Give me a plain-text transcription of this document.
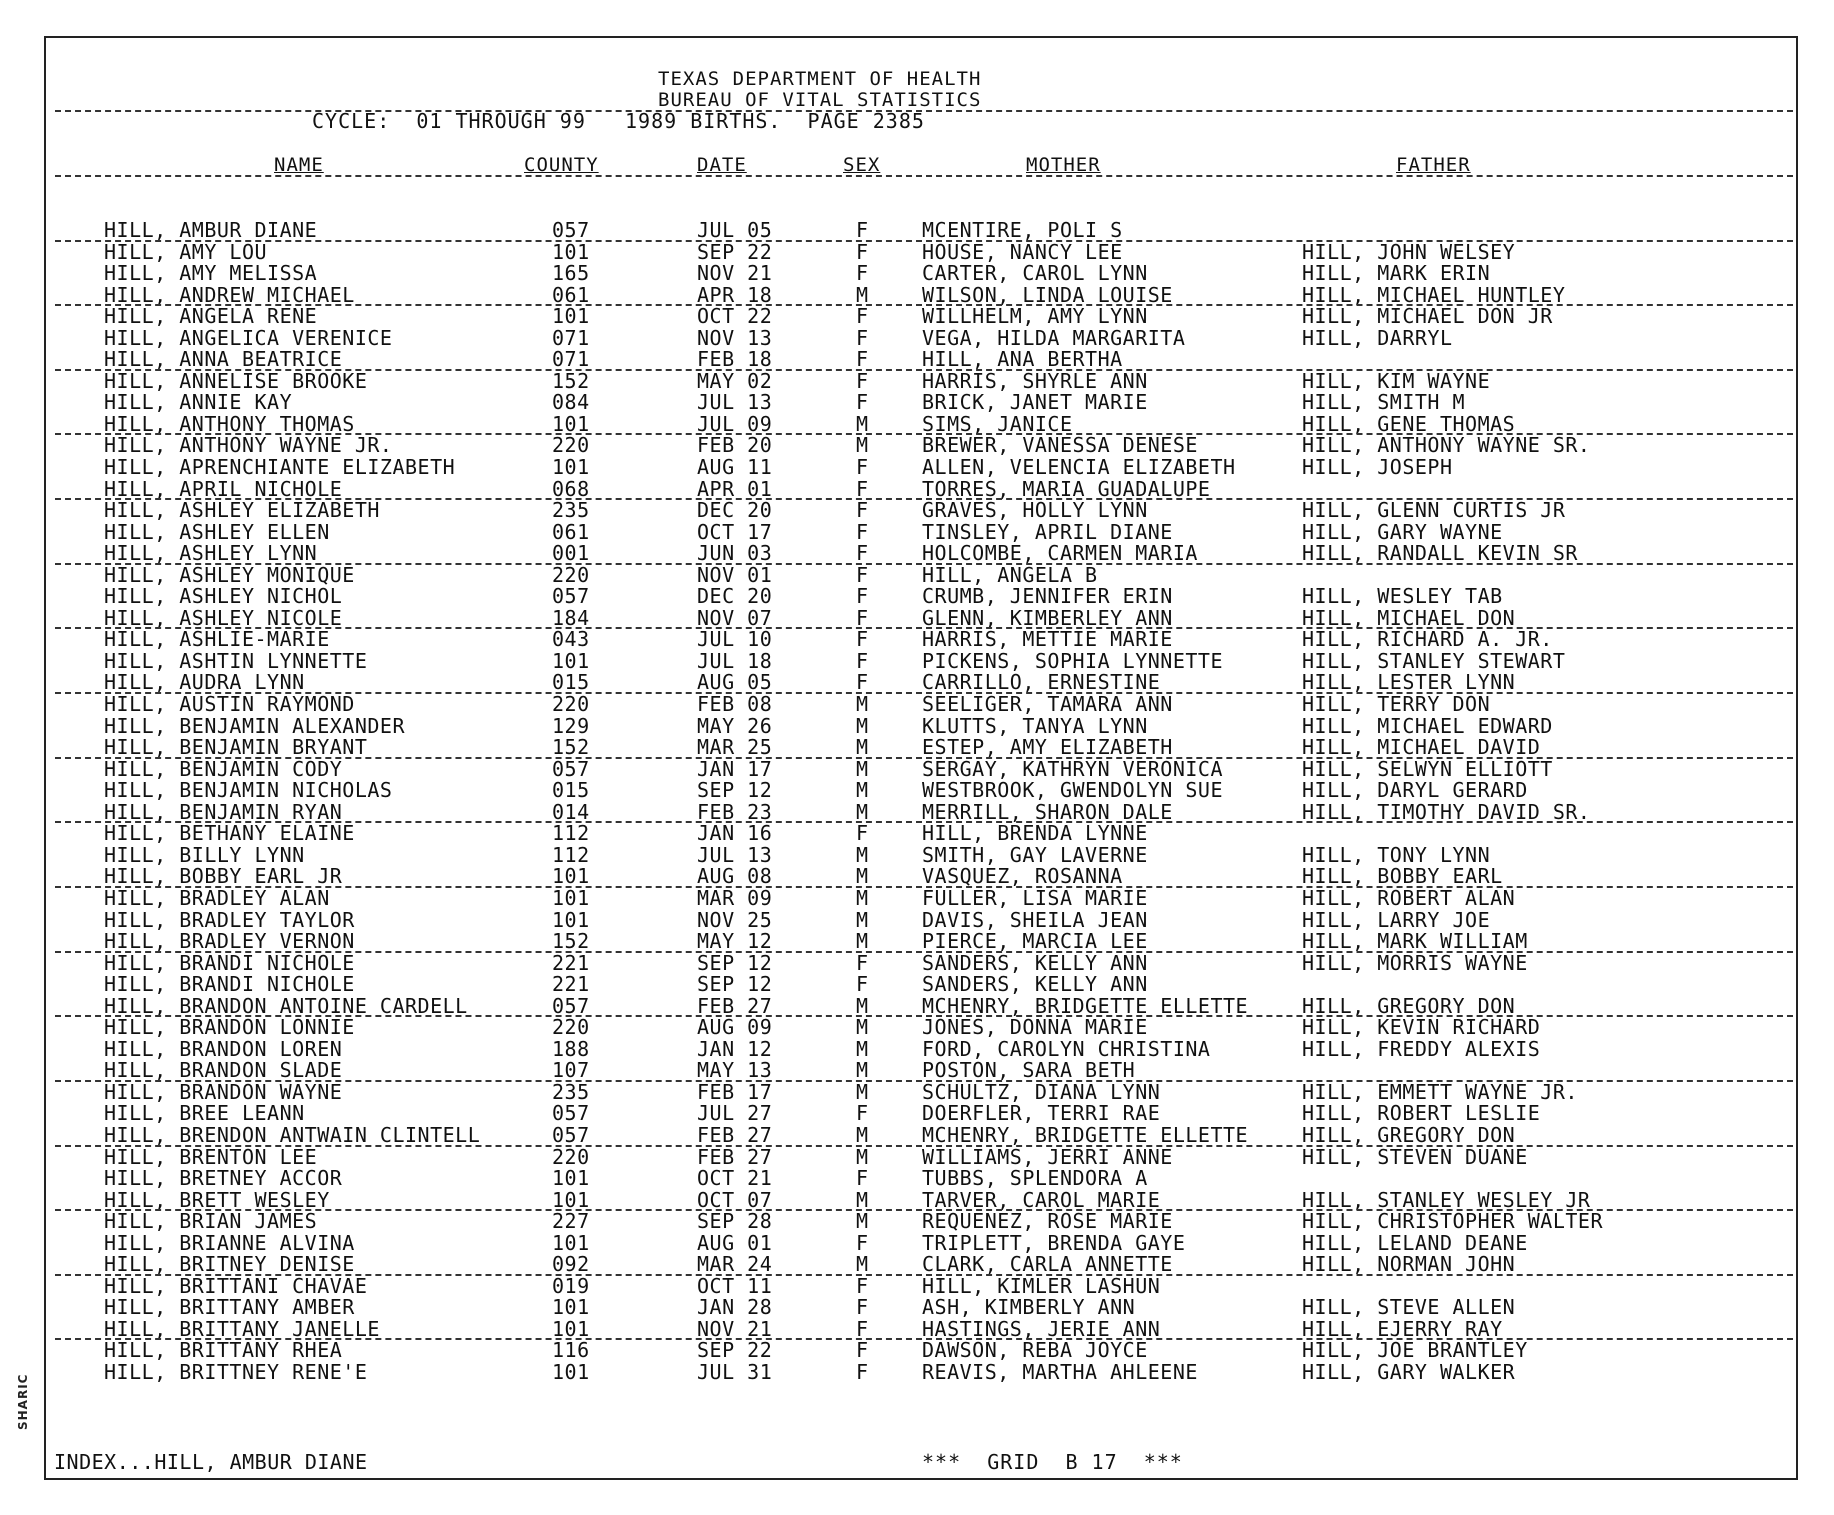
SHARIC
TEXAS DEPARTMENT OF HEALTH
BUREAU OF VITAL STATISTICS
CYCLE:  01 THROUGH 99   1989 BIRTHS.  PAGE 2385
NAME	COUNTY	DATE	SEX	MOTHER	FATHER
HILL, AMBUR DIANE	057	JUL 05	F	MCENTIRE, POLI S
HILL, AMY LOU	101	SEP 22	F	HOUSE, NANCY LEE	HILL, JOHN WELSEY
HILL, AMY MELISSA	165	NOV 21	F	CARTER, CAROL LYNN	HILL, MARK ERIN
HILL, ANDREW MICHAEL	061	APR 18	M	WILSON, LINDA LOUISE	HILL, MICHAEL HUNTLEY
HILL, ANGELA RENE	101	OCT 22	F	WILLHELM, AMY LYNN	HILL, MICHAEL DON JR
HILL, ANGELICA VERENICE	071	NOV 13	F	VEGA, HILDA MARGARITA	HILL, DARRYL
HILL, ANNA BEATRICE	071	FEB 18	F	HILL, ANA BERTHA
HILL, ANNELISE BROOKE	152	MAY 02	F	HARRIS, SHYRLE ANN	HILL, KIM WAYNE
HILL, ANNIE KAY	084	JUL 13	F	BRICK, JANET MARIE	HILL, SMITH M
HILL, ANTHONY THOMAS	101	JUL 09	M	SIMS, JANICE	HILL, GENE THOMAS
HILL, ANTHONY WAYNE JR.	220	FEB 20	M	BREWER, VANESSA DENESE	HILL, ANTHONY WAYNE SR.
HILL, APRENCHIANTE ELIZABETH	101	AUG 11	F	ALLEN, VELENCIA ELIZABETH	HILL, JOSEPH
HILL, APRIL NICHOLE	068	APR 01	F	TORRES, MARIA GUADALUPE
HILL, ASHLEY ELIZABETH	235	DEC 20	F	GRAVES, HOLLY LYNN	HILL, GLENN CURTIS JR
HILL, ASHLEY ELLEN	061	OCT 17	F	TINSLEY, APRIL DIANE	HILL, GARY WAYNE
HILL, ASHLEY LYNN	001	JUN 03	F	HOLCOMBE, CARMEN MARIA	HILL, RANDALL KEVIN SR
HILL, ASHLEY MONIQUE	220	NOV 01	F	HILL, ANGELA B
HILL, ASHLEY NICHOL	057	DEC 20	F	CRUMB, JENNIFER ERIN	HILL, WESLEY TAB
HILL, ASHLEY NICOLE	184	NOV 07	F	GLENN, KIMBERLEY ANN	HILL, MICHAEL DON
HILL, ASHLIE-MARIE	043	JUL 10	F	HARRIS, METTIE MARIE	HILL, RICHARD A. JR.
HILL, ASHTIN LYNNETTE	101	JUL 18	F	PICKENS, SOPHIA LYNNETTE	HILL, STANLEY STEWART
HILL, AUDRA LYNN	015	AUG 05	F	CARRILLO, ERNESTINE	HILL, LESTER LYNN
HILL, AUSTIN RAYMOND	220	FEB 08	M	SEELIGER, TAMARA ANN	HILL, TERRY DON
HILL, BENJAMIN ALEXANDER	129	MAY 26	M	KLUTTS, TANYA LYNN	HILL, MICHAEL EDWARD
HILL, BENJAMIN BRYANT	152	MAR 25	M	ESTEP, AMY ELIZABETH	HILL, MICHAEL DAVID
HILL, BENJAMIN CODY	057	JAN 17	M	SERGAY, KATHRYN VERONICA	HILL, SELWYN ELLIOTT
HILL, BENJAMIN NICHOLAS	015	SEP 12	M	WESTBROOK, GWENDOLYN SUE	HILL, DARYL GERARD
HILL, BENJAMIN RYAN	014	FEB 23	M	MERRILL, SHARON DALE	HILL, TIMOTHY DAVID SR.
HILL, BETHANY ELAINE	112	JAN 16	F	HILL, BRENDA LYNNE
HILL, BILLY LYNN	112	JUL 13	M	SMITH, GAY LAVERNE	HILL, TONY LYNN
HILL, BOBBY EARL JR	101	AUG 08	M	VASQUEZ, ROSANNA	HILL, BOBBY EARL
HILL, BRADLEY ALAN	101	MAR 09	M	FULLER, LISA MARIE	HILL, ROBERT ALAN
HILL, BRADLEY TAYLOR	101	NOV 25	M	DAVIS, SHEILA JEAN	HILL, LARRY JOE
HILL, BRADLEY VERNON	152	MAY 12	M	PIERCE, MARCIA LEE	HILL, MARK WILLIAM
HILL, BRANDI NICHOLE	221	SEP 12	F	SANDERS, KELLY ANN	HILL, MORRIS WAYNE
HILL, BRANDI NICHOLE	221	SEP 12	F	SANDERS, KELLY ANN
HILL, BRANDON ANTOINE CARDELL	057	FEB 27	M	MCHENRY, BRIDGETTE ELLETTE	HILL, GREGORY DON
HILL, BRANDON LONNIE	220	AUG 09	M	JONES, DONNA MARIE	HILL, KEVIN RICHARD
HILL, BRANDON LOREN	188	JAN 12	M	FORD, CAROLYN CHRISTINA	HILL, FREDDY ALEXIS
HILL, BRANDON SLADE	107	MAY 13	M	POSTON, SARA BETH
HILL, BRANDON WAYNE	235	FEB 17	M	SCHULTZ, DIANA LYNN	HILL, EMMETT WAYNE JR.
HILL, BREE LEANN	057	JUL 27	F	DOERFLER, TERRI RAE	HILL, ROBERT LESLIE
HILL, BRENDON ANTWAIN CLINTELL	057	FEB 27	M	MCHENRY, BRIDGETTE ELLETTE	HILL, GREGORY DON
HILL, BRENTON LEE	220	FEB 27	M	WILLIAMS, JERRI ANNE	HILL, STEVEN DUANE
HILL, BRETNEY ACCOR	101	OCT 21	F	TUBBS, SPLENDORA A
HILL, BRETT WESLEY	101	OCT 07	M	TARVER, CAROL MARIE	HILL, STANLEY WESLEY JR
HILL, BRIAN JAMES	227	SEP 28	M	REQUENEZ, ROSE MARIE	HILL, CHRISTOPHER WALTER
HILL, BRIANNE ALVINA	101	AUG 01	F	TRIPLETT, BRENDA GAYE	HILL, LELAND DEANE
HILL, BRITNEY DENISE	092	MAR 24	M	CLARK, CARLA ANNETTE	HILL, NORMAN JOHN
HILL, BRITTANI CHAVAE	019	OCT 11	F	HILL, KIMLER LASHUN
HILL, BRITTANY AMBER	101	JAN 28	F	ASH, KIMBERLY ANN	HILL, STEVE ALLEN
HILL, BRITTANY JANELLE	101	NOV 21	F	HASTINGS, JERIE ANN	HILL, EJERRY RAY
HILL, BRITTANY RHEA	116	SEP 22	F	DAWSON, REBA JOYCE	HILL, JOE BRANTLEY
HILL, BRITTNEY RENE'E	101	JUL 31	F	REAVIS, MARTHA AHLEENE	HILL, GARY WALKER
INDEX...HILL, AMBUR DIANE	***  GRID  B 17  ***
